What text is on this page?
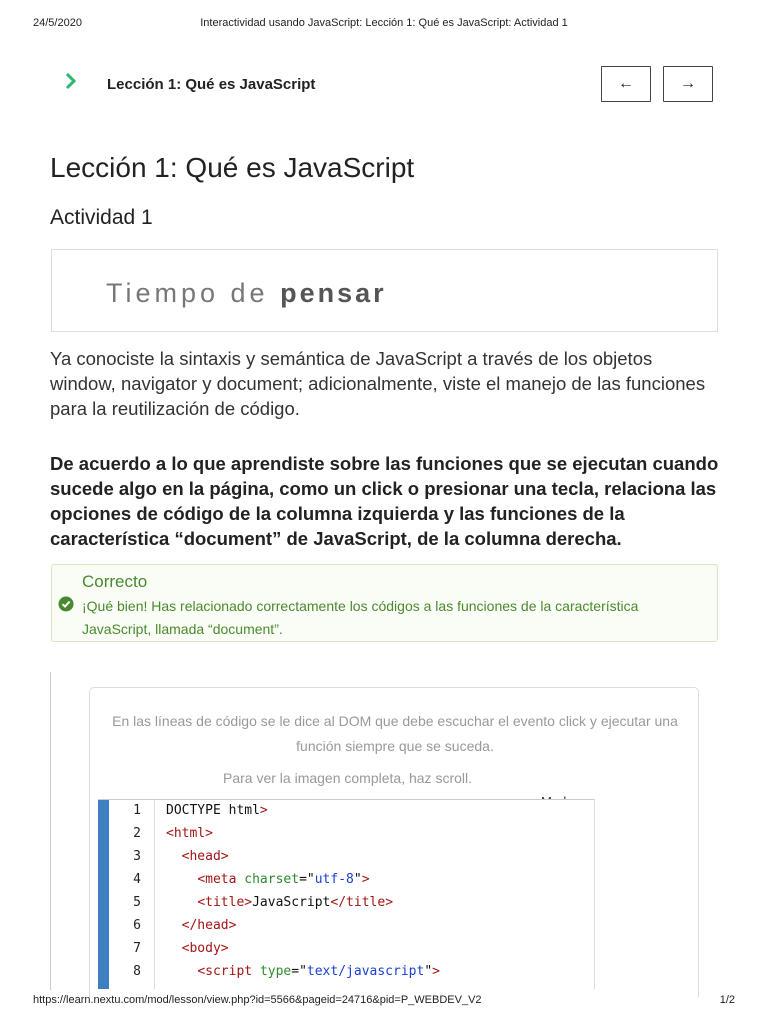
24/5/2020	Interactividad usando JavaScript: Lección 1: Qué es JavaScript: Actividad 1
Lección 1: Qué es JavaScript	←	→
Lección 1: Qué es JavaScript
Actividad 1
Tiempo de pensar
Ya conociste la sintaxis y semántica de JavaScript a través de los objetos window, navigator y document; adicionalmente, viste el manejo de las funciones para la reutilización de código.
De acuerdo a lo que aprendiste sobre las funciones que se ejecutan cuando sucede algo en la página, como un click o presionar una tecla, relaciona las opciones de código de la columna izquierda y las funciones de la característica “document” de JavaScript, de la columna derecha.
Correcto
¡Qué bien! Has relacionado correctamente los códigos a las funciones de la característica JavaScript, llamada “document”.
En las líneas de código se le dice al DOM que debe escuchar el evento click y ejecutar una función siempre que se suceda.
Para ver la imagen completa, haz scroll.
1 DOCTYPE html>
2 <html>
3	<head>
4	<meta charset="utf-8">
5	<title>JavaScript</title>
6	</head>
7	<body>
8	<script type="text/javascript">
https://learn.nextu.com/mod/lesson/view.php?id=5566&pageid=24716&pid=P_WEBDEV_V2	1/2
